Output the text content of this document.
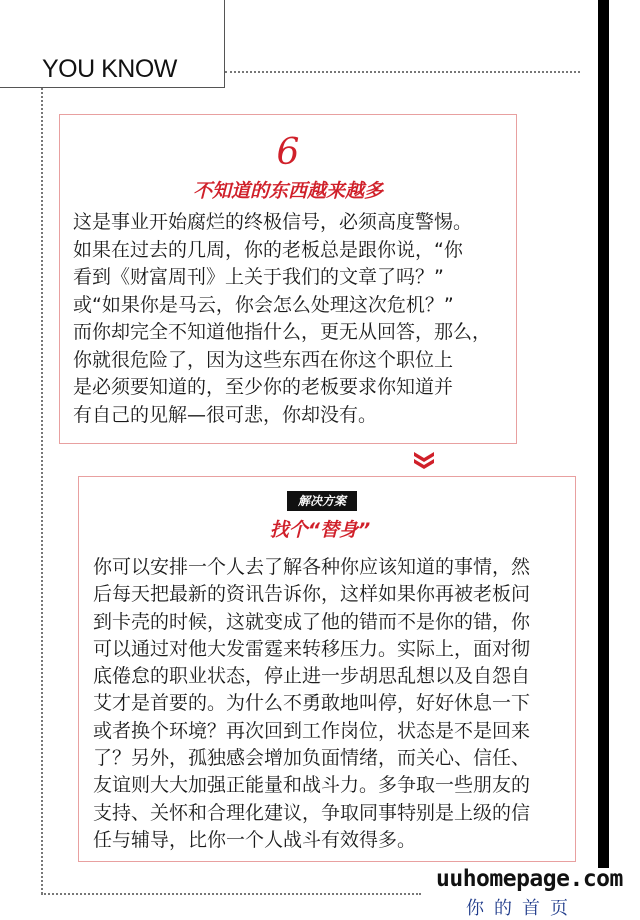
YOU KNOW
6
不知道的东西越来越多
这是事业开始腐烂的终极信号，必须高度警惕。
如果在过去的几周，你的老板总是跟你说，“你
看到《财富周刊》上关于我们的文章了吗？”
或“如果你是马云，你会怎么处理这次危机？”
而你却完全不知道他指什么，更无从回答，那么，
你就很危险了，因为这些东西在你这个职位上
是必须要知道的，至少你的老板要求你知道并
有自己的见解—很可悲，你却没有。
解决方案
找个“替身”
你可以安排一个人去了解各种你应该知道的事情，然
后每天把最新的资讯告诉你，这样如果你再被老板问
到卡壳的时候，这就变成了他的错而不是你的错，你
可以通过对他大发雷霆来转移压力。实际上，面对彻
底倦怠的职业状态，停止进一步胡思乱想以及自怨自
艾才是首要的。为什么不勇敢地叫停，好好休息一下
或者换个环境？再次回到工作岗位，状态是不是回来
了？另外，孤独感会增加负面情绪，而关心、信任、
友谊则大大加强正能量和战斗力。多争取一些朋友的
支持、关怀和合理化建议，争取同事特别是上级的信
任与辅导，比你一个人战斗有效得多。
uuhomepage.com
你的首页
